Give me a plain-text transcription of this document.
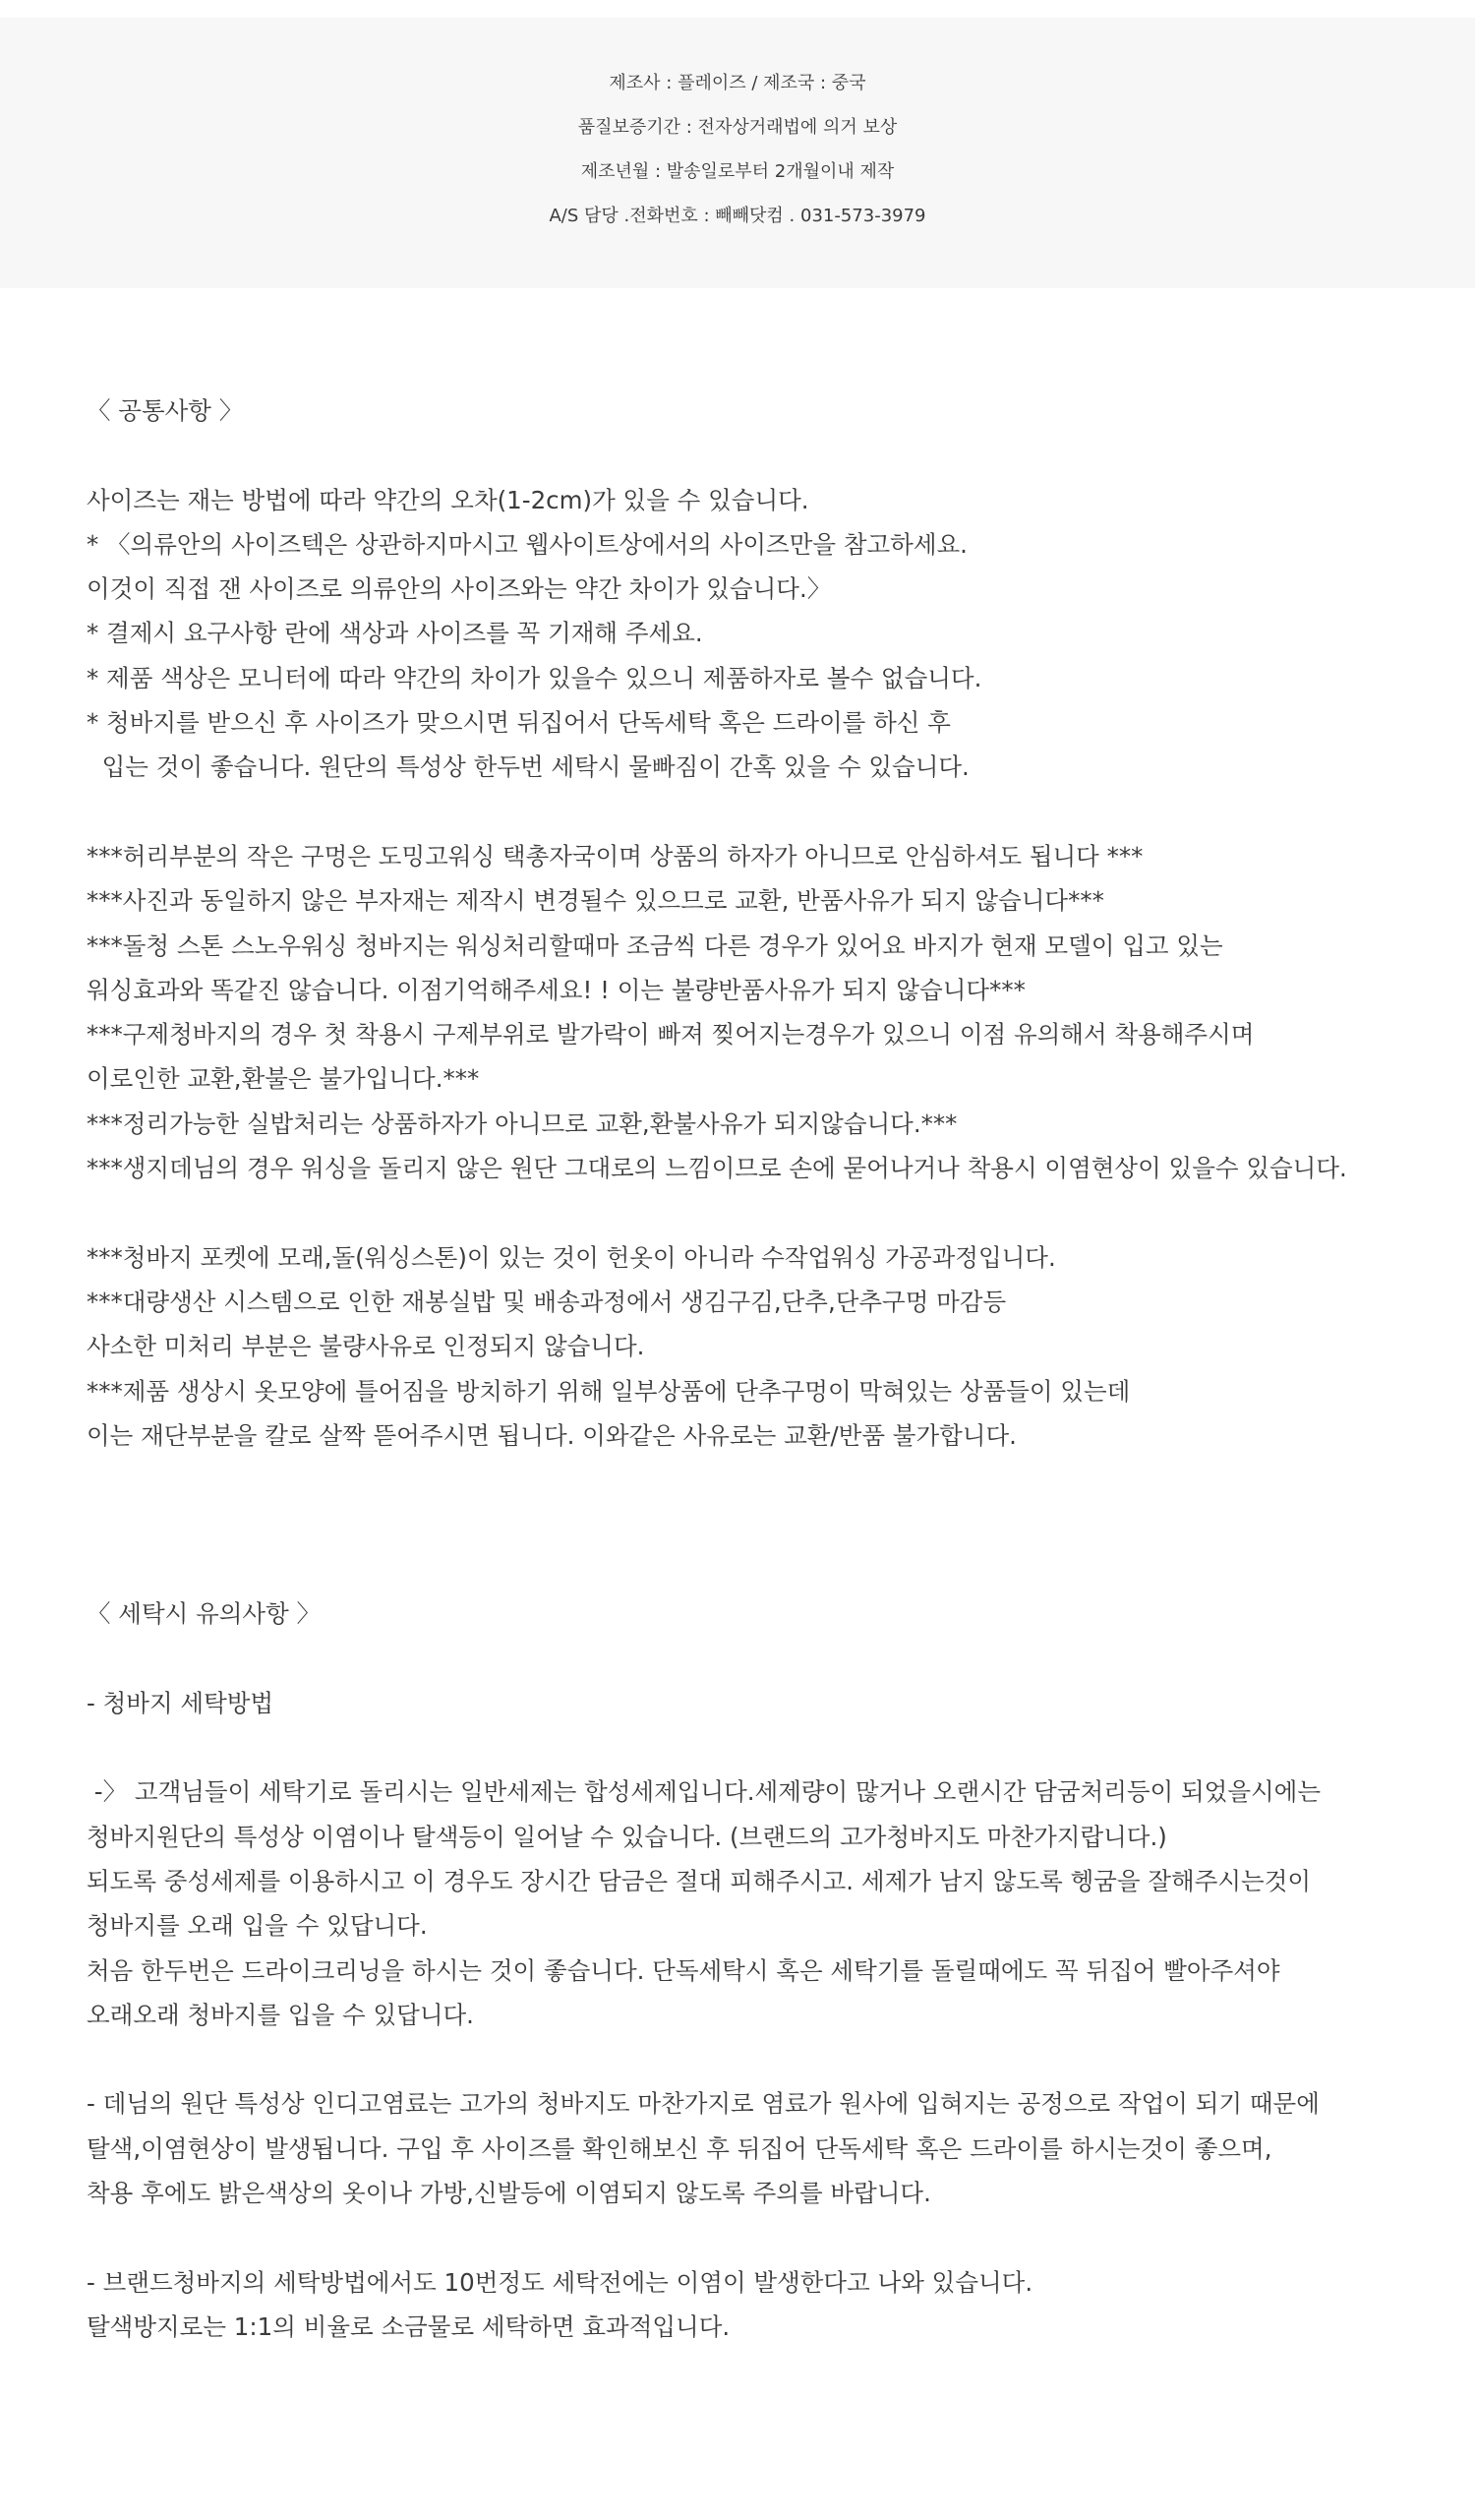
제조사 : 플레이즈 / 제조국 : 중국
품질보증기간 : 전자상거래법에 의거 보상
제조년월 : 발송일로부터 2개월이내 제작
A/S 담당 .전화번호 : 빼빼닷컴 . 031-573-3979
〈 공통사항 〉
사이즈는 재는 방법에 따라 약간의 오차(1-2cm)가 있을 수 있습니다.
* 〈의류안의 사이즈텍은 상관하지마시고 웹사이트상에서의 사이즈만을 참고하세요.
이것이 직접 잰 사이즈로 의류안의 사이즈와는 약간 차이가 있습니다.〉
* 결제시 요구사항 란에 색상과 사이즈를 꼭 기재해 주세요.
* 제품 색상은 모니터에 따라 약간의 차이가 있을수 있으니 제품하자로 볼수 없습니다.
* 청바지를 받으신 후 사이즈가 맞으시면 뒤집어서 단독세탁 혹은 드라이를 하신 후
입는 것이 좋습니다. 원단의 특성상 한두번 세탁시 물빠짐이 간혹 있을 수 있습니다.
***허리부분의 작은 구멍은 도밍고워싱 택총자국이며 상품의 하자가 아니므로 안심하셔도 됩니다 ***
***사진과 동일하지 않은 부자재는 제작시 변경될수 있으므로 교환, 반품사유가 되지 않습니다***
***돌청 스톤 스노우워싱 청바지는 워싱처리할때마 조금씩 다른 경우가 있어요 바지가 현재 모델이 입고 있는
워싱효과와 똑같진 않습니다. 이점기억해주세요! ! 이는 불량반품사유가 되지 않습니다***
***구제청바지의 경우 첫 착용시 구제부위로 발가락이 빠져 찢어지는경우가 있으니 이점 유의해서 착용해주시며
이로인한 교환,환불은 불가입니다.***
***정리가능한 실밥처리는 상품하자가 아니므로 교환,환불사유가 되지않습니다.***
***생지데님의 경우 워싱을 돌리지 않은 원단 그대로의 느낌이므로 손에 묻어나거나 착용시 이염현상이 있을수 있습니다.
***청바지 포켓에 모래,돌(워싱스톤)이 있는 것이 헌옷이 아니라 수작업워싱 가공과정입니다.
***대량생산 시스템으로 인한 재봉실밥 및 배송과정에서 생김구김,단추,단추구멍 마감등
사소한 미처리 부분은 불량사유로 인정되지 않습니다.
***제품 생상시 옷모양에 틀어짐을 방치하기 위해 일부상품에 단추구멍이 막혀있는 상품들이 있는데
이는 재단부분을 칼로 살짝 뜯어주시면 됩니다. 이와같은 사유로는 교환/반품 불가합니다.
〈 세탁시 유의사항 〉
- 청바지 세탁방법
-〉 고객님들이 세탁기로 돌리시는 일반세제는 합성세제입니다.세제량이 많거나 오랜시간 담굼처리등이 되었을시에는
청바지원단의 특성상 이염이나 탈색등이 일어날 수 있습니다. (브랜드의 고가청바지도 마찬가지랍니다.)
되도록 중성세제를 이용하시고 이 경우도 장시간 담금은 절대 피해주시고. 세제가 남지 않도록 헹굼을 잘해주시는것이
청바지를 오래 입을 수 있답니다.
처음 한두번은 드라이크리닝을 하시는 것이 좋습니다. 단독세탁시 혹은 세탁기를 돌릴때에도 꼭 뒤집어 빨아주셔야
오래오래 청바지를 입을 수 있답니다.
- 데님의 원단 특성상 인디고염료는 고가의 청바지도 마찬가지로 염료가 원사에 입혀지는 공정으로 작업이 되기 때문에
탈색,이염현상이 발생됩니다. 구입 후 사이즈를 확인해보신 후 뒤집어 단독세탁 혹은 드라이를 하시는것이 좋으며,
착용 후에도 밝은색상의 옷이나 가방,신발등에 이염되지 않도록 주의를 바랍니다.
- 브랜드청바지의 세탁방법에서도 10번정도 세탁전에는 이염이 발생한다고 나와 있습니다.
탈색방지로는 1:1의 비율로 소금물로 세탁하면 효과적입니다.
